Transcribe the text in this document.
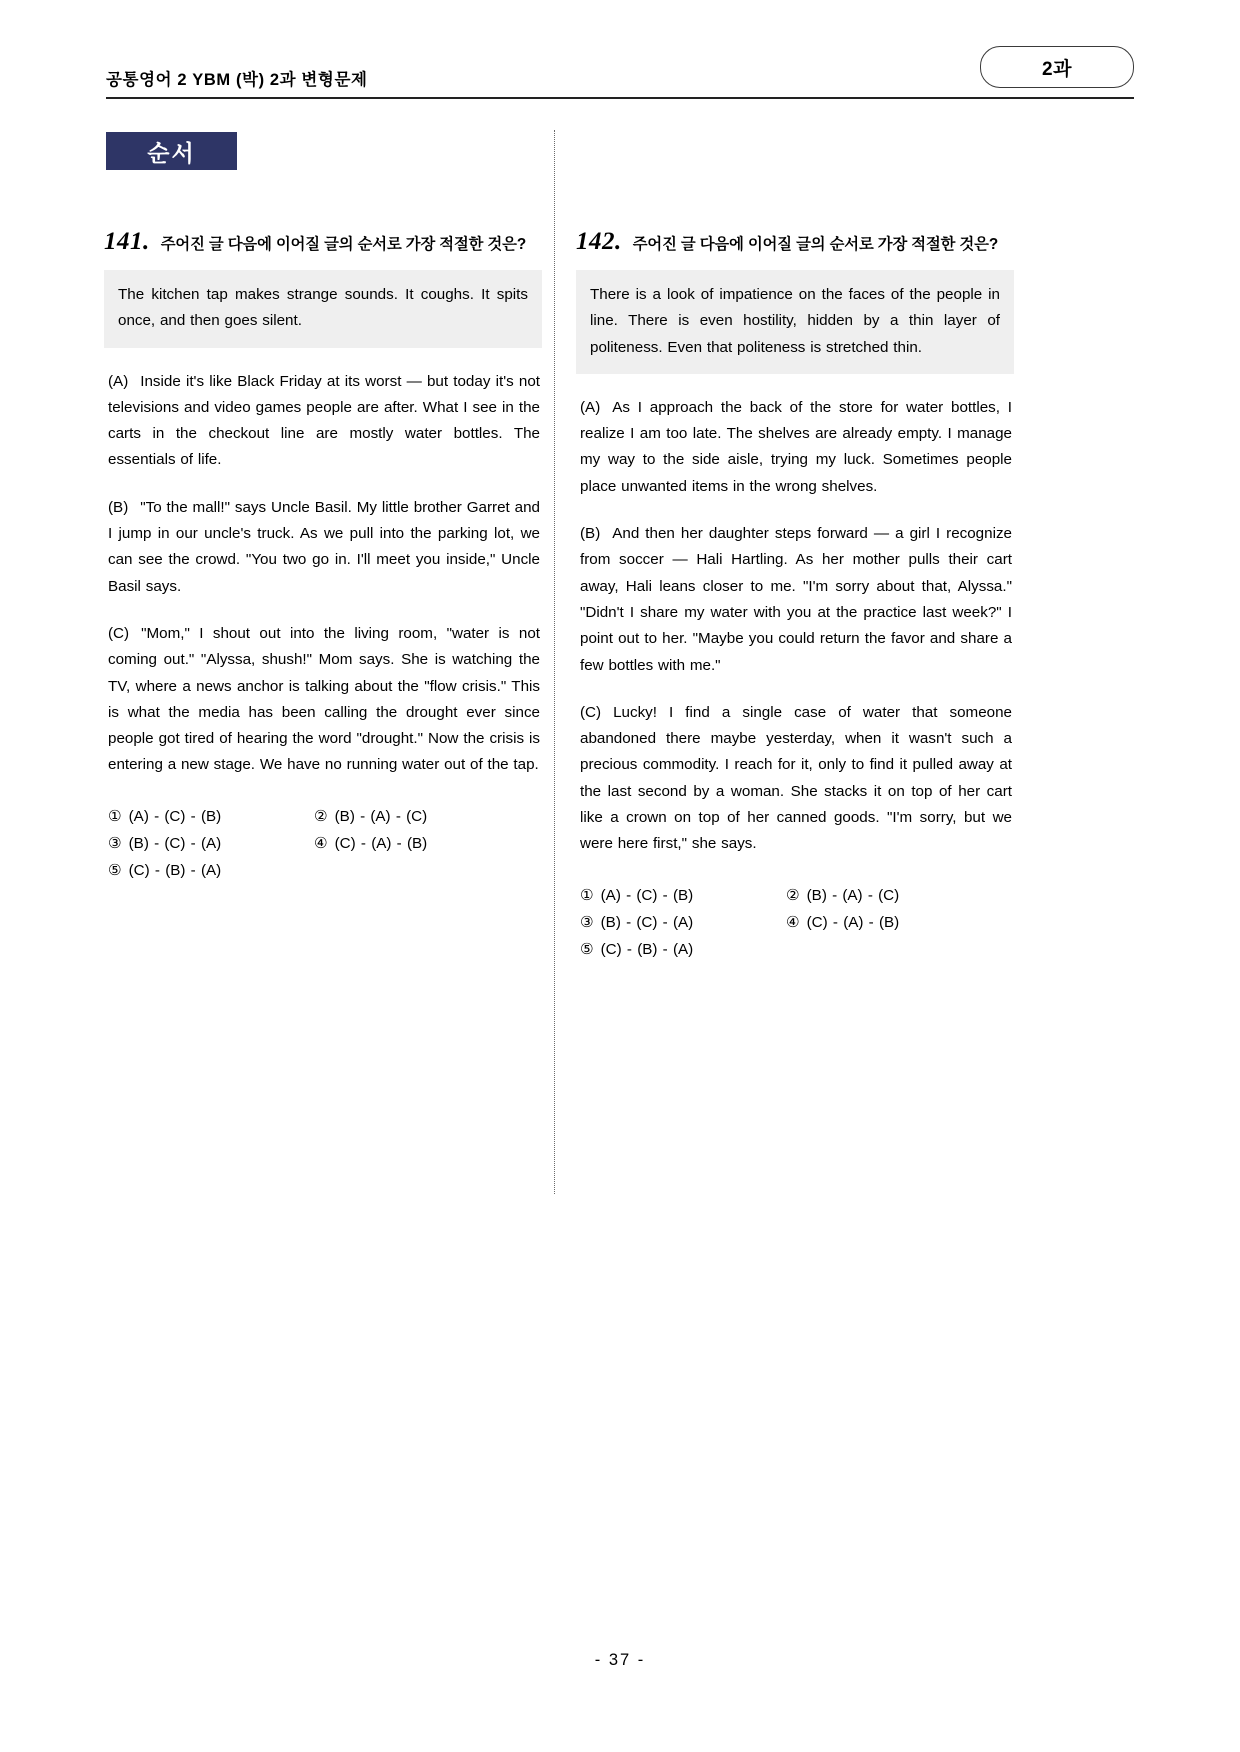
공통영어 2 YBM (박) 2과 변형문제
2과
순서
141. 주어진 글 다음에 이어질 글의 순서로 가장 적절한 것은?

The kitchen tap makes strange sounds. It coughs. It spits once, and then goes silent.

(A) Inside it's like Black Friday at its worst — but today it's not televisions and video games people are after. What I see in the carts in the checkout line are mostly water bottles. The essentials of life.

(B) "To the mall!" says Uncle Basil. My little brother Garret and I jump in our uncle's truck. As we pull into the parking lot, we can see the crowd. "You two go in. I'll meet you inside," Uncle Basil says.

(C) "Mom," I shout out into the living room, "water is not coming out." "Alyssa, shush!" Mom says. She is watching the TV, where a news anchor is talking about the "flow crisis." This is what the media has been calling the drought ever since people got tired of hearing the word "drought." Now the crisis is entering a new stage. We have no running water out of the tap.

① (A) - (C) - (B)	② (B) - (A) - (C)
③ (B) - (C) - (A)	④ (C) - (A) - (B)
⑤ (C) - (B) - (A)
142. 주어진 글 다음에 이어질 글의 순서로 가장 적절한 것은?

There is a look of impatience on the faces of the people in line. There is even hostility, hidden by a thin layer of politeness. Even that politeness is stretched thin.

(A) As I approach the back of the store for water bottles, I realize I am too late. The shelves are already empty. I manage my way to the side aisle, trying my luck. Sometimes people place unwanted items in the wrong shelves.

(B) And then her daughter steps forward — a girl I recognize from soccer — Hali Hartling. As her mother pulls their cart away, Hali leans closer to me. "I'm sorry about that, Alyssa." "Didn't I share my water with you at the practice last week?" I point out to her. "Maybe you could return the favor and share a few bottles with me."

(C) Lucky! I find a single case of water that someone abandoned there maybe yesterday, when it wasn't such a precious commodity. I reach for it, only to find it pulled away at the last second by a woman. She stacks it on top of her cart like a crown on top of her canned goods. "I'm sorry, but we were here first," she says.

① (A) - (C) - (B)	② (B) - (A) - (C)
③ (B) - (C) - (A)	④ (C) - (A) - (B)
⑤ (C) - (B) - (A)
- 37 -
